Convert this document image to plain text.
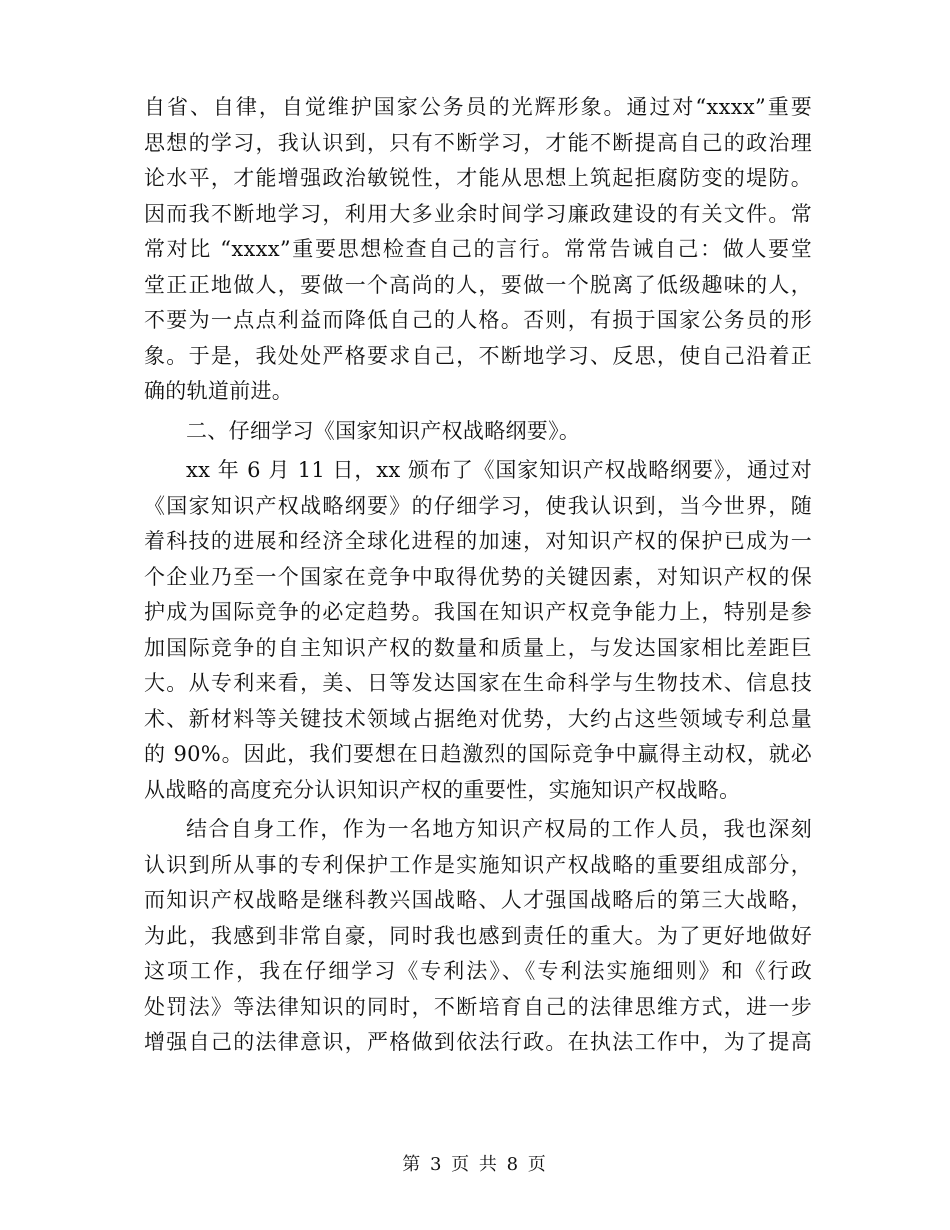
自省、自律，自觉维护国家公务员的光辉形象。通过对“xxxx”重要
思想的学习，我认识到，只有不断学习，才能不断提高自己的政治理
论水平，才能增强政治敏锐性，才能从思想上筑起拒腐防变的堤防。
因而我不断地学习，利用大多业余时间学习廉政建设的有关文件。常
常对比 “xxxx”重要思想检查自己的言行。常常告诫自己：做人要堂
堂正正地做人，要做一个高尚的人，要做一个脱离了低级趣味的人，
不要为一点点利益而降低自己的人格。否则，有损于国家公务员的形
象。于是，我处处严格要求自己，不断地学习、反思，使自己沿着正
确的轨道前进。
二、仔细学习《国家知识产权战略纲要》。
xx 年 6 月 11 日，xx 颁布了《国家知识产权战略纲要》，通过对
《国家知识产权战略纲要》的仔细学习，使我认识到，当今世界，随
着科技的进展和经济全球化进程的加速，对知识产权的保护已成为一
个企业乃至一个国家在竞争中取得优势的关键因素，对知识产权的保
护成为国际竞争的必定趋势。我国在知识产权竞争能力上，特别是参
加国际竞争的自主知识产权的数量和质量上，与发达国家相比差距巨
大。从专利来看，美、日等发达国家在生命科学与生物技术、信息技
术、新材料等关键技术领域占据绝对优势，大约占这些领域专利总量
的 90%。因此，我们要想在日趋激烈的国际竞争中赢得主动权，就必
从战略的高度充分认识知识产权的重要性，实施知识产权战略。
结合自身工作，作为一名地方知识产权局的工作人员，我也深刻
认识到所从事的专利保护工作是实施知识产权战略的重要组成部分，
而知识产权战略是继科教兴国战略、人才强国战略后的第三大战略，
为此，我感到非常自豪，同时我也感到责任的重大。为了更好地做好
这项工作，我在仔细学习《专利法》、《专利法实施细则》和《行政
处罚法》等法律知识的同时，不断培育自己的法律思维方式，进一步
增强自己的法律意识，严格做到依法行政。在执法工作中，为了提高
第 3 页 共 8 页
